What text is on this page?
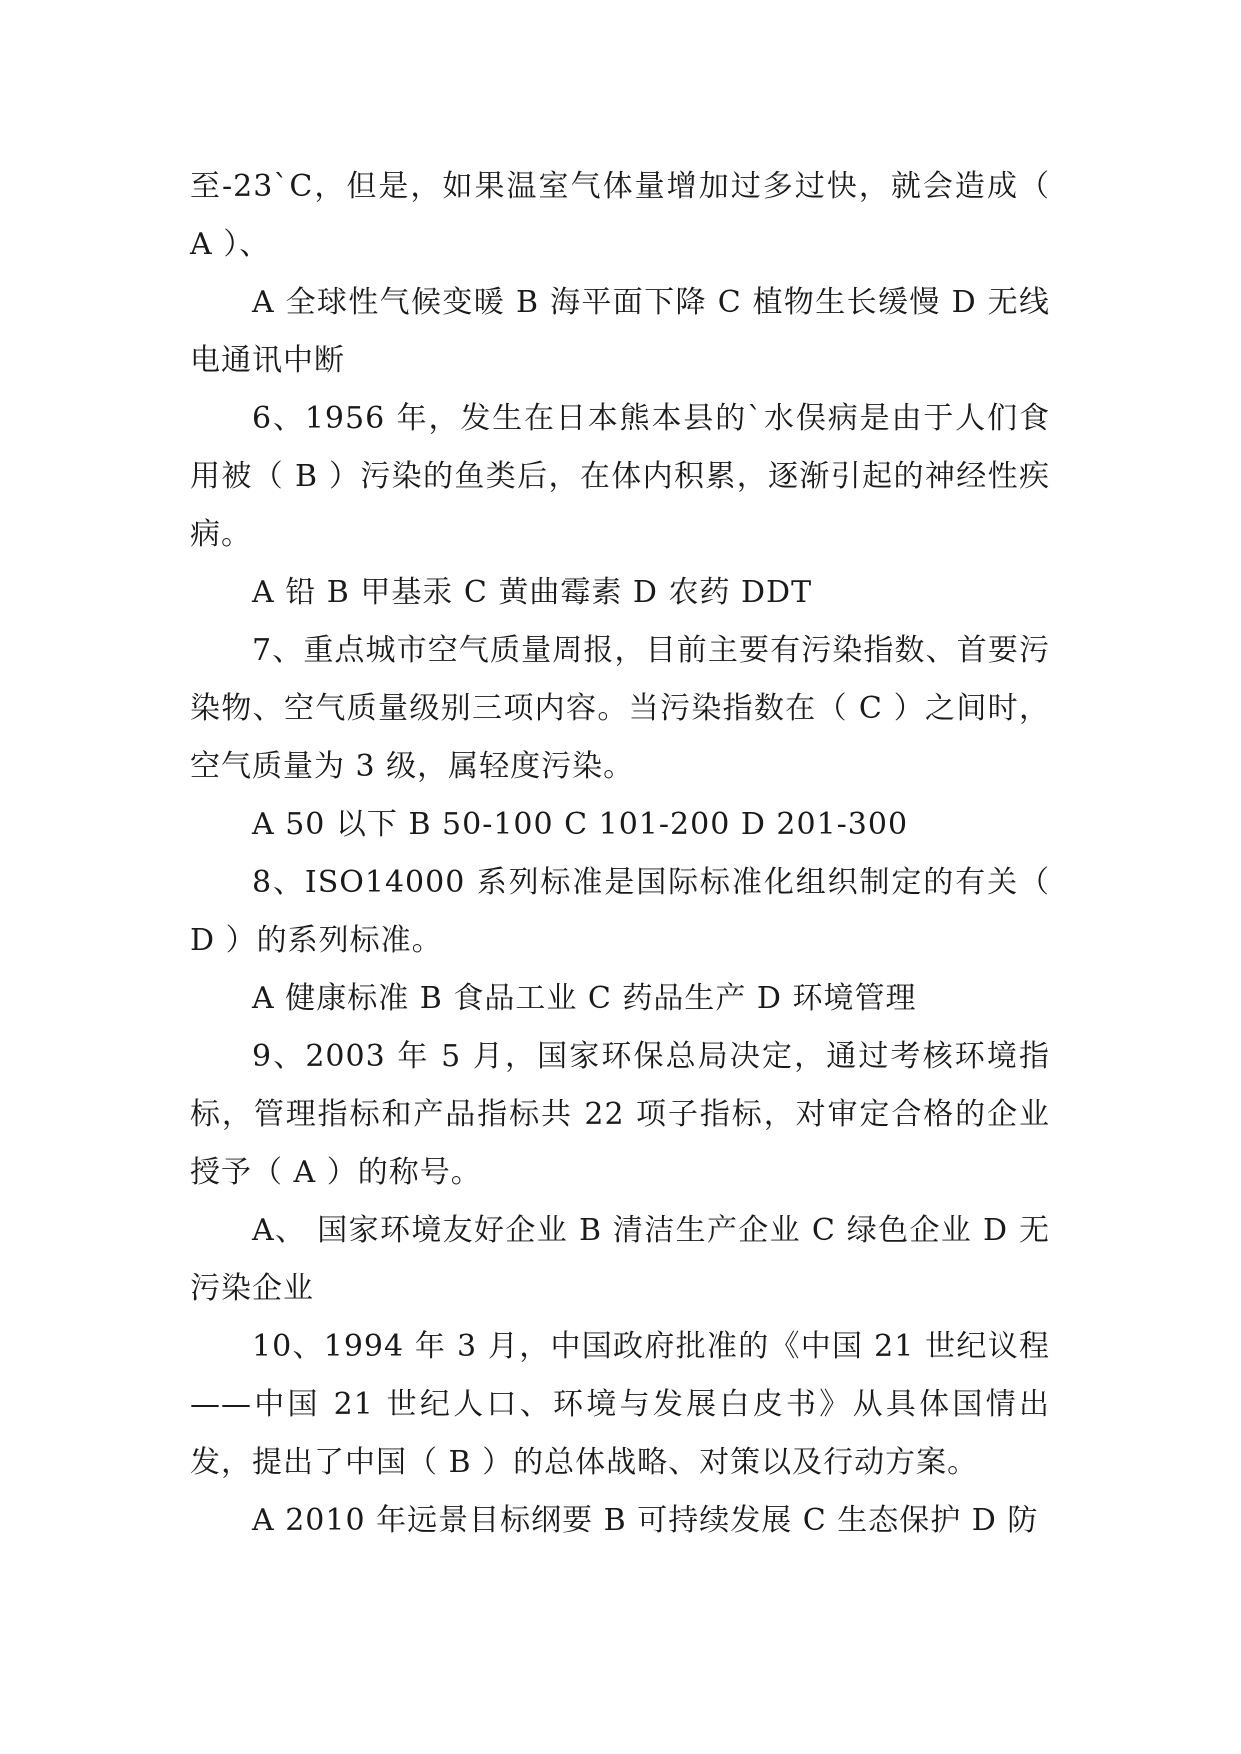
至-23`C，但是，如果温室气体量增加过多过快，就会造成（ A ）、

A 全球性气候变暖 B 海平面下降 C 植物生长缓慢 D 无线电通讯中断

6、1956 年，发生在日本熊本县的`水俣病是由于人们食用被（ B ）污染的鱼类后，在体内积累，逐渐引起的神经性疾病。

A 铅 B 甲基汞 C 黄曲霉素 D 农药 DDT

7、重点城市空气质量周报，目前主要有污染指数、首要污染物、空气质量级别三项内容。当污染指数在（ C ）之间时，空气质量为 3 级，属轻度污染。

A 50 以下 B 50-100 C 101-200 D 201-300

8、ISO14000 系列标准是国际标准化组织制定的有关（ D ）的系列标准。

A 健康标准 B 食品工业 C 药品生产 D 环境管理

9、2003 年 5 月，国家环保总局决定，通过考核环境指标，管理指标和产品指标共 22 项子指标，对审定合格的企业授予（ A ）的称号。

A、 国家环境友好企业 B 清洁生产企业 C 绿色企业 D 无污染企业

10、1994 年 3 月，中国政府批准的《中国 21 世纪议程——中国 21 世纪人口、环境与发展白皮书》从具体国情出发，提出了中国（ B ）的总体战略、对策以及行动方案。

A 2010 年远景目标纲要 B 可持续发展 C 生态保护 D 防
